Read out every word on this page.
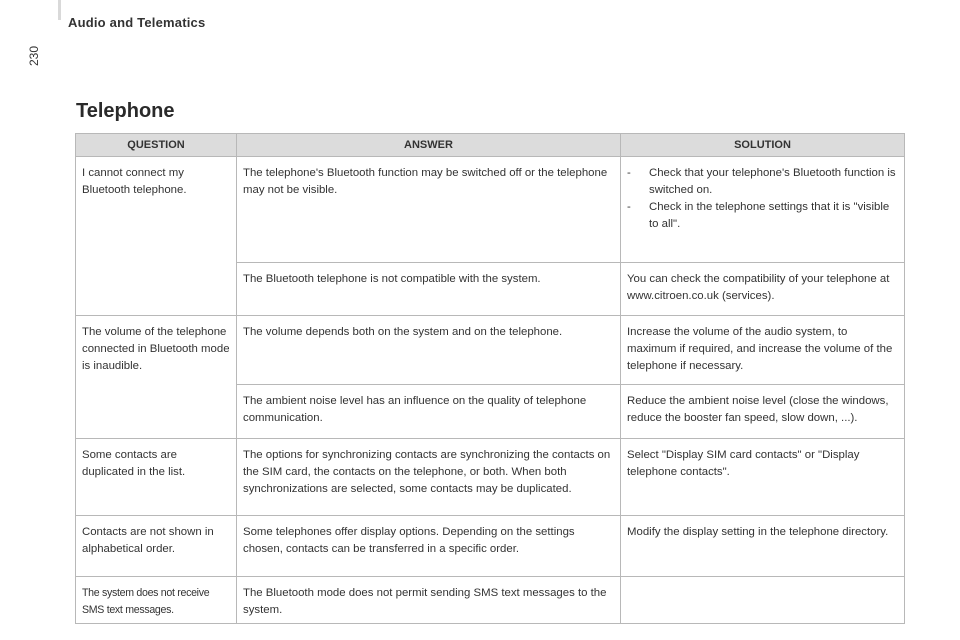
Audio and Telematics
230
Telephone
QUESTION	ANSWER	SOLUTION
I cannot connect my Bluetooth telephone.	The telephone's Bluetooth function may be switched off or the telephone may not be visible.	- Check that your telephone's Bluetooth function is switched on.
- Check in the telephone settings that it is "visible to all".

	The Bluetooth telephone is not compatible with the system.	You can check the compatibility of your telephone at www.citroen.co.uk (services).
The volume of the telephone connected in Bluetooth mode is inaudible.	The volume depends both on the system and on the telephone.	Increase the volume of the audio system, to maximum if required, and increase the volume of the telephone if necessary.
	The ambient noise level has an influence on the quality of telephone communication.	Reduce the ambient noise level (close the windows, reduce the booster fan speed, slow down, ...).
Some contacts are duplicated in the list.	The options for synchronizing contacts are synchronizing the contacts on the SIM card, the contacts on the telephone, or both. When both synchronizations are selected, some contacts may be duplicated.	Select "Display SIM card contacts" or "Display telephone contacts".
Contacts are not shown in alphabetical order.	Some telephones offer display options. Depending on the settings chosen, contacts can be transferred in a specific order.	Modify the display setting in the telephone directory.
The system does not receive SMS text messages.	The Bluetooth mode does not permit sending SMS text messages to the system.	
